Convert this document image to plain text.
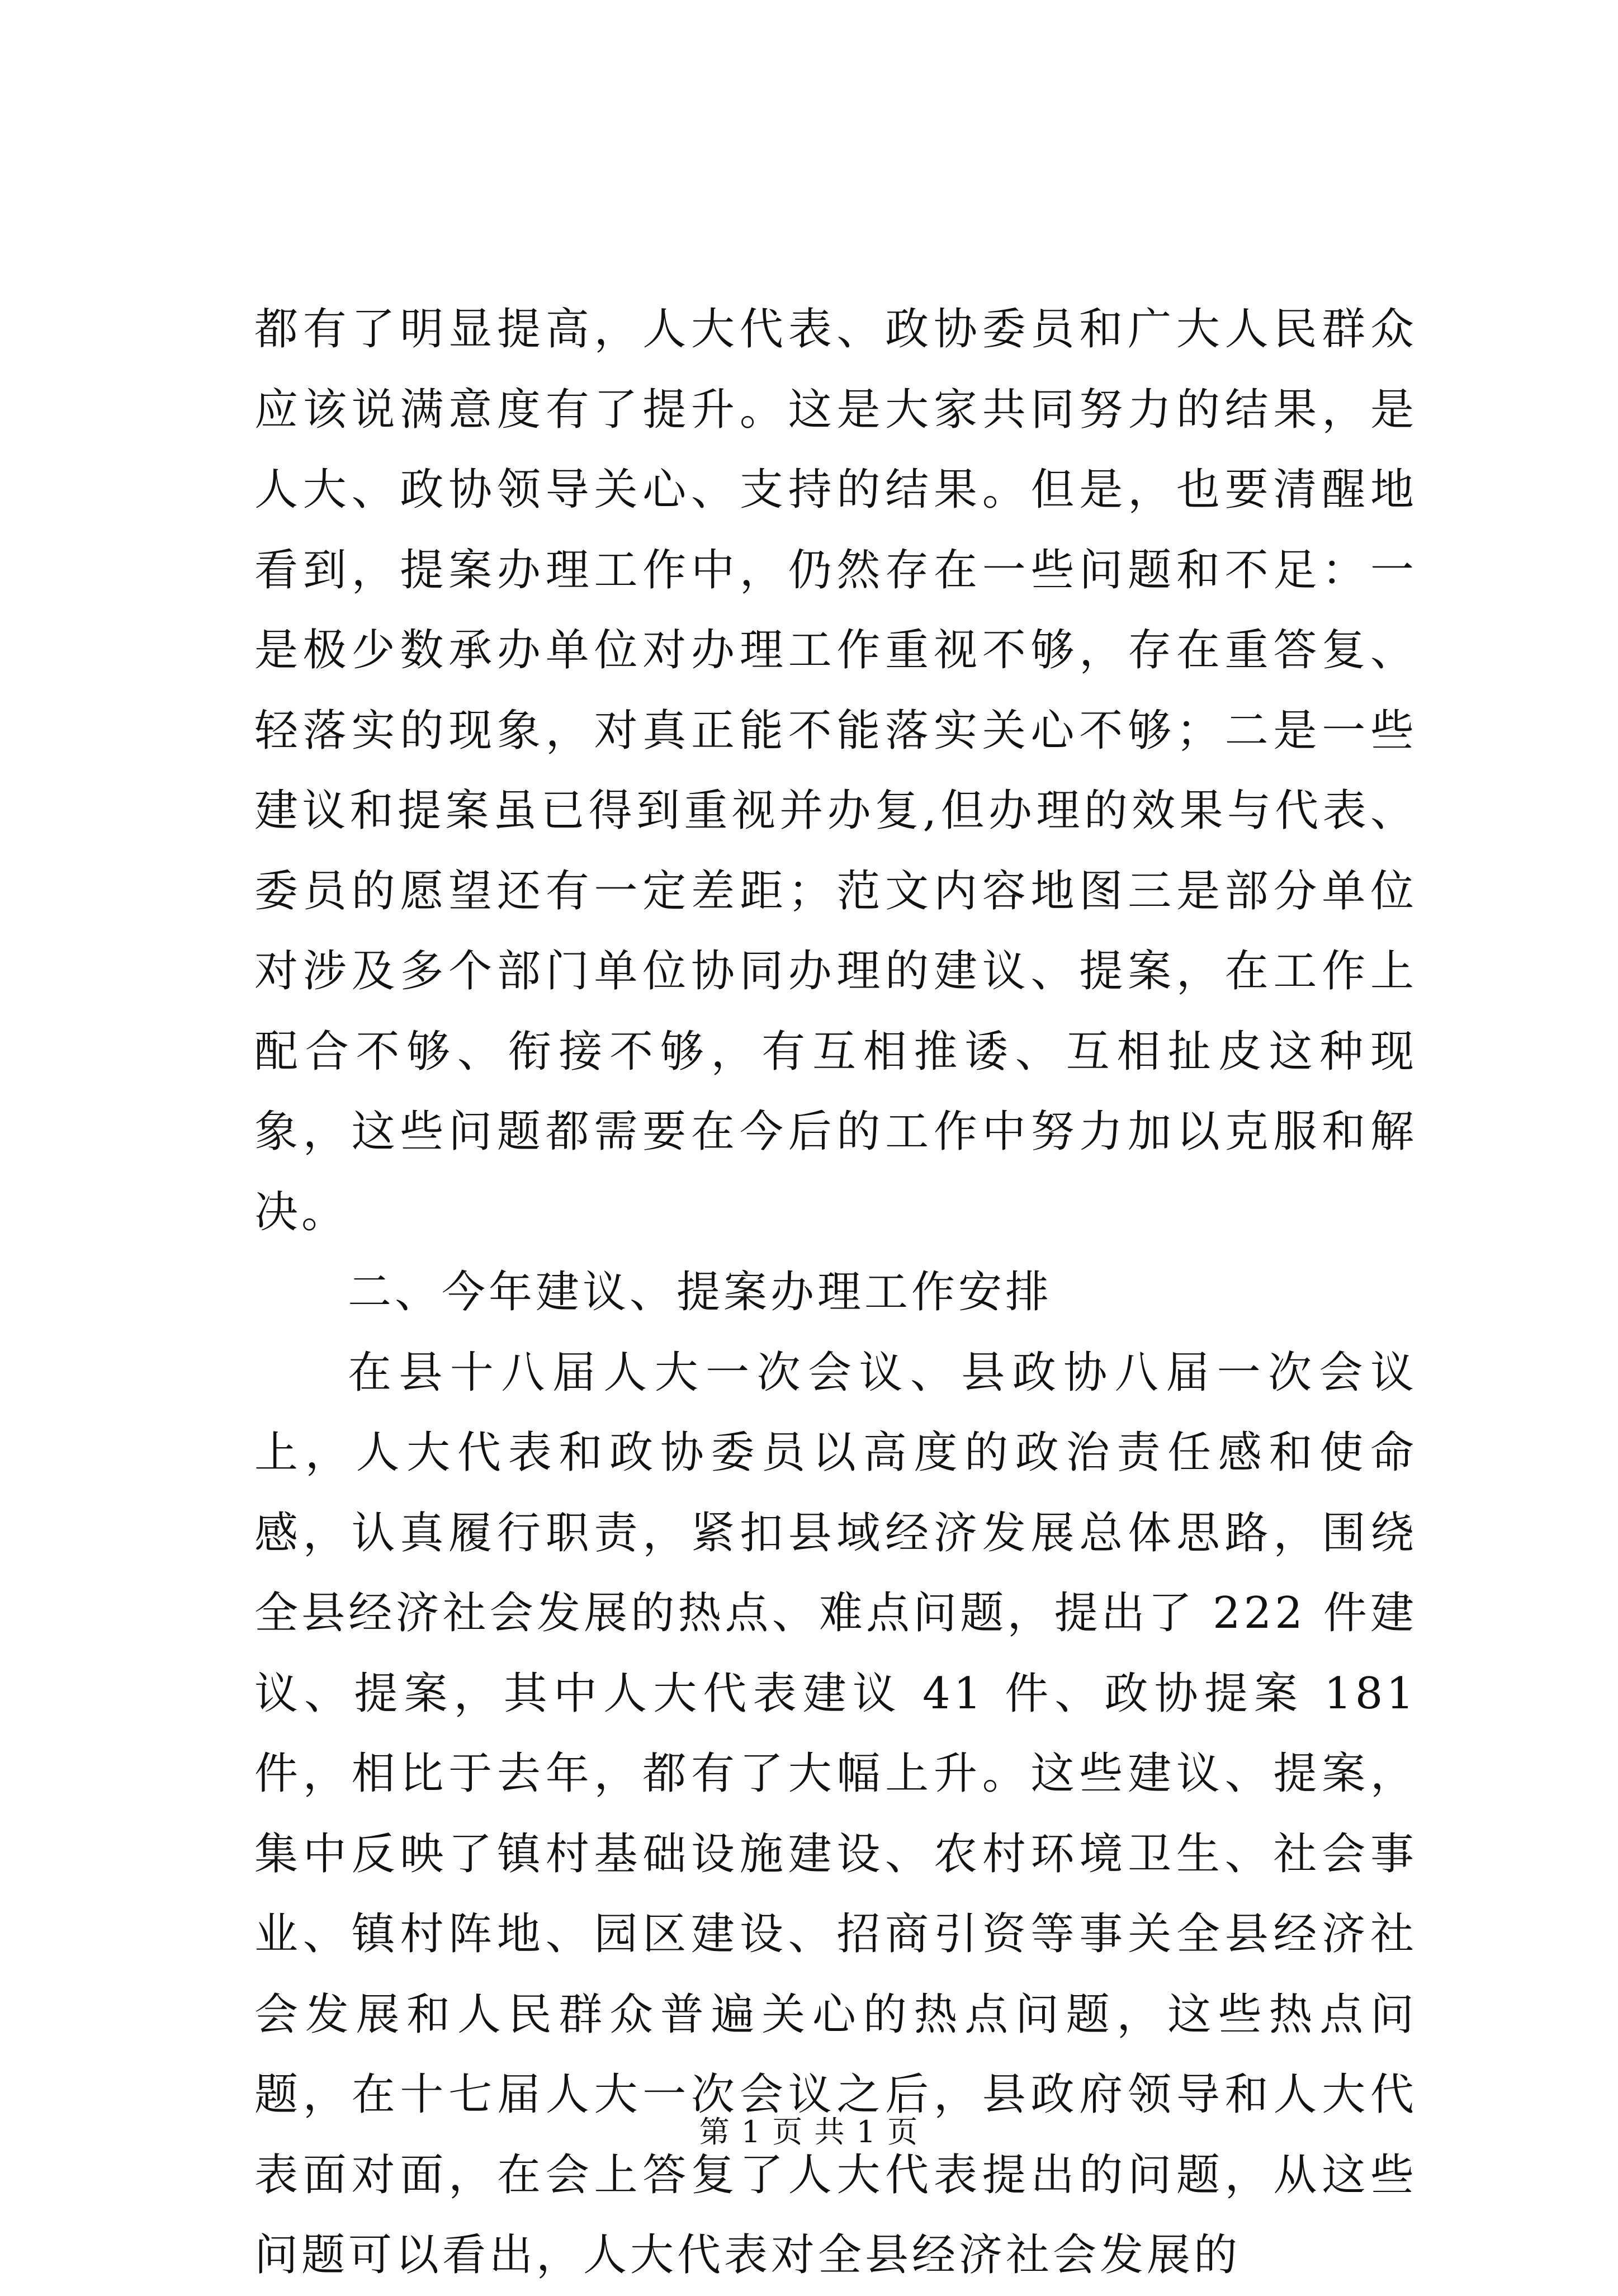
都有了明显提高，人大代表、政协委员和广大人民群众应该说满意度有了提升。这是大家共同努力的结果，是人大、政协领导关心、支持的结果。但是，也要清醒地看到，提案办理工作中，仍然存在一些问题和不足：一是极少数承办单位对办理工作重视不够，存在重答复、轻落实的现象，对真正能不能落实关心不够；二是一些建议和提案虽已得到重视并办复,但办理的效果与代表、委员的愿望还有一定差距；范文内容地图三是部分单位对涉及多个部门单位协同办理的建议、提案，在工作上配合不够、衔接不够，有互相推诿、互相扯皮这种现象，这些问题都需要在今后的工作中努力加以克服和解决。

二、今年建议、提案办理工作安排

在县十八届人大一次会议、县政协八届一次会议上，人大代表和政协委员以高度的政治责任感和使命感，认真履行职责，紧扣县域经济发展总体思路，围绕全县经济社会发展的热点、难点问题，提出了 222 件建议、提案，其中人大代表建议 41 件、政协提案 181 件，相比于去年，都有了大幅上升。这些建议、提案，集中反映了镇村基础设施建设、农村环境卫生、社会事业、镇村阵地、园区建设、招商引资等事关全县经济社会发展和人民群众普遍关心的热点问题，这些热点问题，在十七届人大一次会议之后，县政府领导和人大代表面对面，在会上答复了人大代表提出的问题，从这些问题可以看出，人大代表对全县经济社会发展的

第 1 页 共 1 页
